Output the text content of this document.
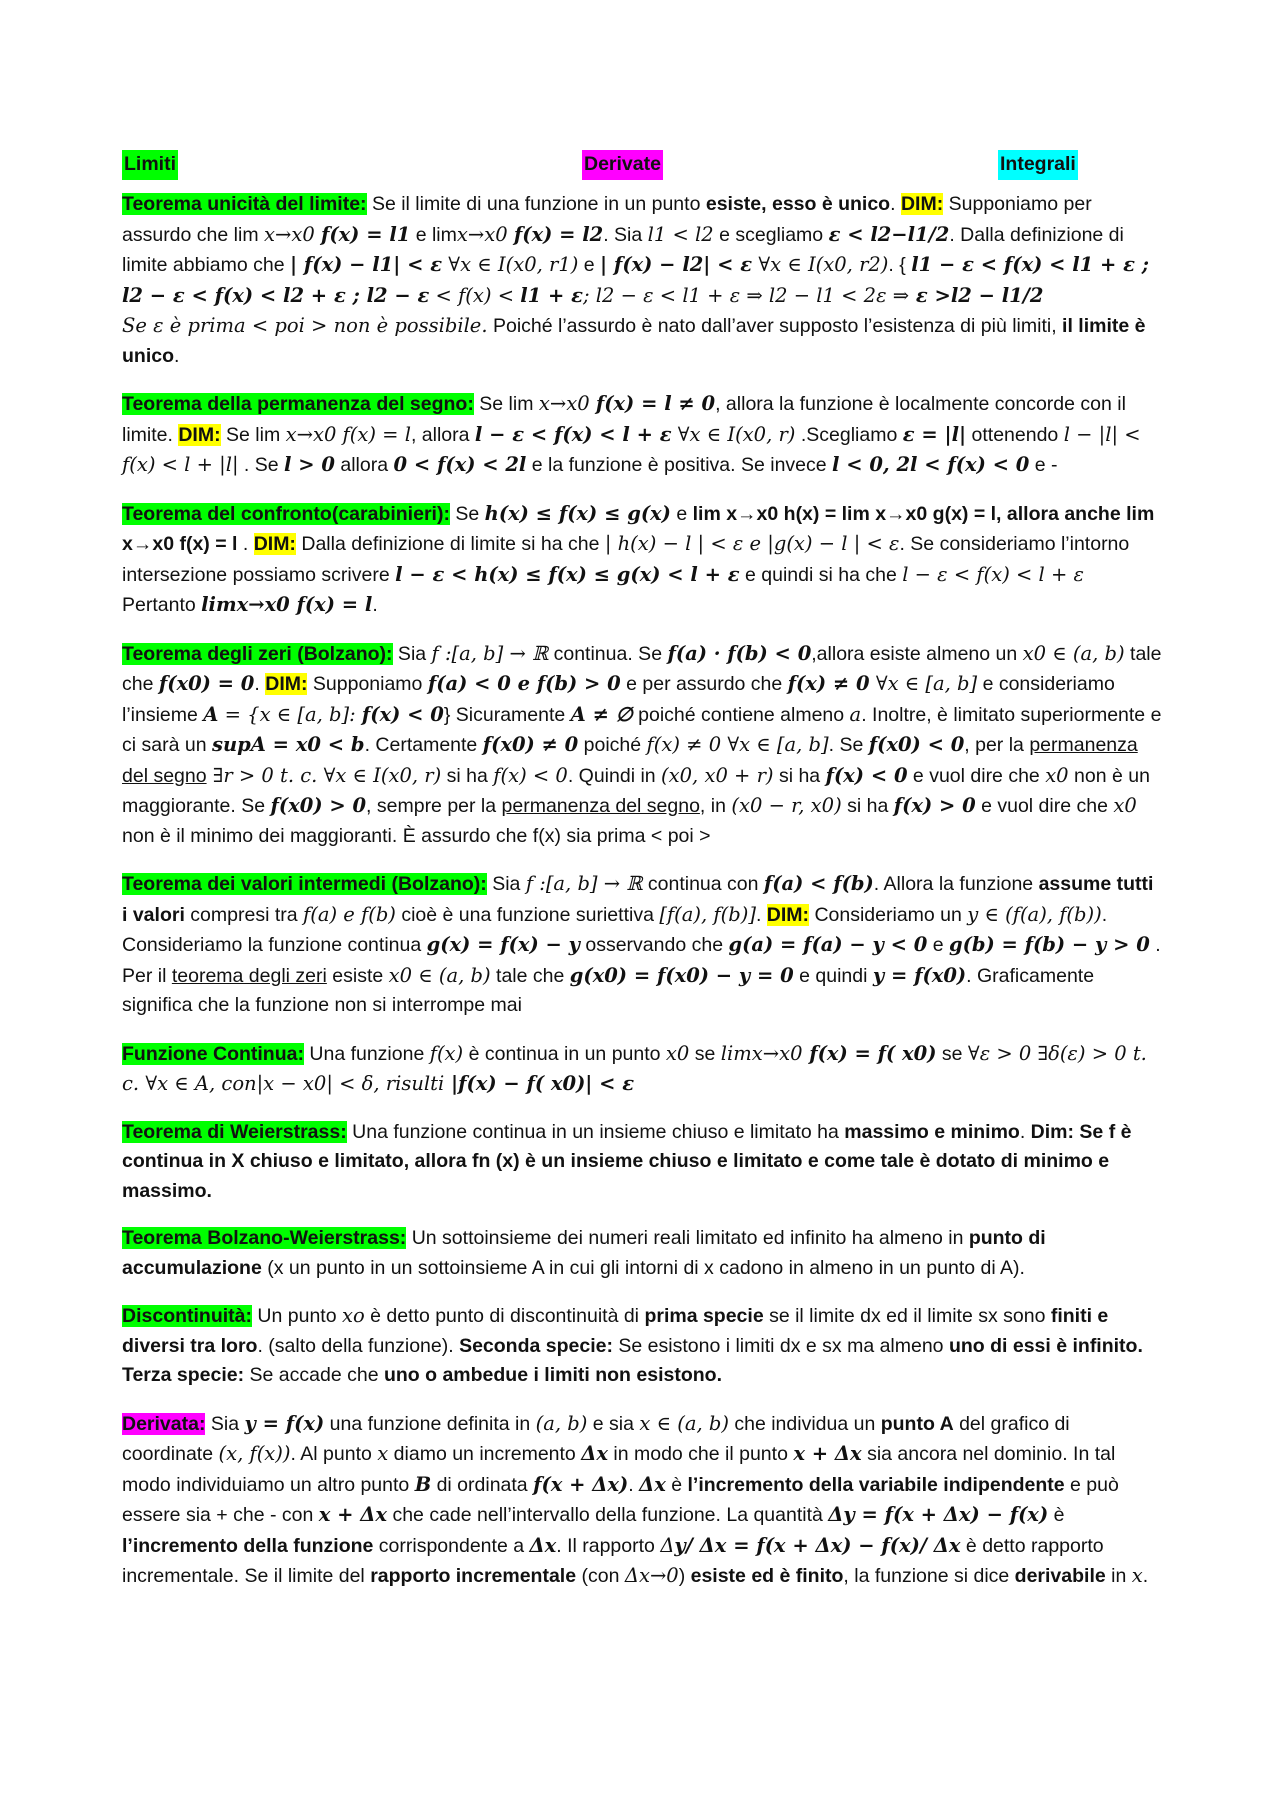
Limiti	Derivate	Integrali

Teorema unicità del limite: Se il limite di una funzione in un punto esiste, esso è unico. DIM: Supponiamo per assurdo che lim x→x0 f(x) = l1 e limx→x0 f(x) = l2. Sia l1 < l2 e scegliamo ε < l2−l1/2. Dalla definizione di limite abbiamo che | f(x) − l1| < ε ∀x ∈ I(x0, r1) e | f(x) − l2| < ε ∀x ∈ I(x0, r2). { l1 − ε < f(x) < l1 + ε ; l2 − ε < f(x) < l2 + ε ; l2 − ε < f(x) < l1 + ε; l2 − ε < l1 + ε ⇒ l2 − l1 < 2ε ⇒ ε >l2 − l1/2
Se ε è prima < poi > non è possibile. Poiché l’assurdo è nato dall’aver supposto l’esistenza di più limiti, il limite è unico.

Teorema della permanenza del segno: Se lim x→x0 f(x) = l ≠ 0, allora la funzione è localmente concorde con il limite. DIM: Se lim x→x0 f(x) = l, allora l − ε < f(x) < l + ε ∀x ∈ I(x0, r) .Scegliamo ε = |l| ottenendo l − |l| < f(x) < l + |l| . Se l > 0 allora 0 < f(x) < 2l e la funzione è positiva. Se invece l < 0, 2l < f(x) < 0 e -

Teorema del confronto(carabinieri): Se h(x) ≤ f(x) ≤ g(x) e lim x→x0 h(x) = lim x→x0 g(x) = l, allora anche lim x→x0 f(x) = l . DIM: Dalla definizione di limite si ha che | h(x) − l | < ε e |g(x) − l | < ε. Se consideriamo l’intorno intersezione possiamo scrivere l − ε < h(x) ≤ f(x) ≤ g(x) < l + ε e quindi si ha che l − ε < f(x) < l + ε Pertanto limx→x0 f(x) = l.

Teorema degli zeri (Bolzano): Sia f :[a, b] → ℝ continua. Se f(a) · f(b) < 0,allora esiste almeno un x0 ∈ (a, b) tale che f(x0) = 0. DIM: Supponiamo f(a) < 0 e f(b) > 0 e per assurdo che f(x) ≠ 0 ∀x ∈ [a, b] e consideriamo l’insieme A = {x ∈ [a, b]: f(x) < 0} Sicuramente A ≠ ∅ poiché contiene almeno a. Inoltre, è limitato superiormente e ci sarà un supA = x0 < b. Certamente f(x0) ≠ 0 poiché f(x) ≠ 0 ∀x ∈ [a, b]. Se f(x0) < 0, per la permanenza del segno ∃r > 0 t. c. ∀x ∈ I(x0, r) si ha f(x) < 0. Quindi in (x0, x0 + r) si ha f(x) < 0 e vuol dire che x0 non è un maggiorante. Se f(x0) > 0, sempre per la permanenza del segno, in (x0 − r, x0) si ha f(x) > 0 e vuol dire che x0 non è il minimo dei maggioranti. È assurdo che f(x) sia prima < poi >

Teorema dei valori intermedi (Bolzano): Sia f :[a, b] → ℝ continua con f(a) < f(b). Allora la funzione assume tutti i valori compresi tra f(a) e f(b) cioè è una funzione suriettiva [f(a), f(b)]. DIM: Consideriamo un y ∈ (f(a), f(b)). Consideriamo la funzione continua g(x) = f(x) − y osservando che g(a) = f(a) − y < 0 e g(b) = f(b) − y > 0 . Per il teorema degli zeri esiste x0 ∈ (a, b) tale che g(x0) = f(x0) − y = 0 e quindi y = f(x0). Graficamente significa che la funzione non si interrompe mai

Funzione Continua: Una funzione f(x) è continua in un punto x0 se limx→x0 f(x) = f( x0) se ∀ε > 0 ∃δ(ε) > 0 t. c. ∀x ∈ A, con|x − x0| < δ, risulti |f(x) − f( x0)| < ε

Teorema di Weierstrass: Una funzione continua in un insieme chiuso e limitato ha massimo e minimo. Dim: Se f è continua in X chiuso e limitato, allora fn (x) è un insieme chiuso e limitato e come tale è dotato di minimo e massimo.

Teorema Bolzano-Weierstrass: Un sottoinsieme dei numeri reali limitato ed infinito ha almeno in punto di accumulazione (x un punto in un sottoinsieme A in cui gli intorni di x cadono in almeno in un punto di A).

Discontinuità: Un punto xo è detto punto di discontinuità di prima specie se il limite dx ed il limite sx sono finiti e diversi tra loro. (salto della funzione). Seconda specie: Se esistono i limiti dx e sx ma almeno uno di essi è infinito. Terza specie: Se accade che uno o ambedue i limiti non esistono.

Derivata: Sia y = f(x) una funzione definita in (a, b) e sia x ∈ (a, b) che individua un punto A del grafico di coordinate (x, f(x)). Al punto x diamo un incremento Δx in modo che il punto x + Δx sia ancora nel dominio. In tal modo individuiamo un altro punto B di ordinata f(x + Δx). Δx è l’incremento della variabile indipendente e può essere sia + che - con x + Δx che cade nell’intervallo della funzione. La quantità Δy = f(x + Δx) − f(x) è l’incremento della funzione corrispondente a Δx. Il rapporto Δy/ Δx = f(x + Δx) − f(x)/ Δx è detto rapporto incrementale. Se il limite del rapporto incrementale (con Δx→0) esiste ed è finito, la funzione si dice derivabile in x.
